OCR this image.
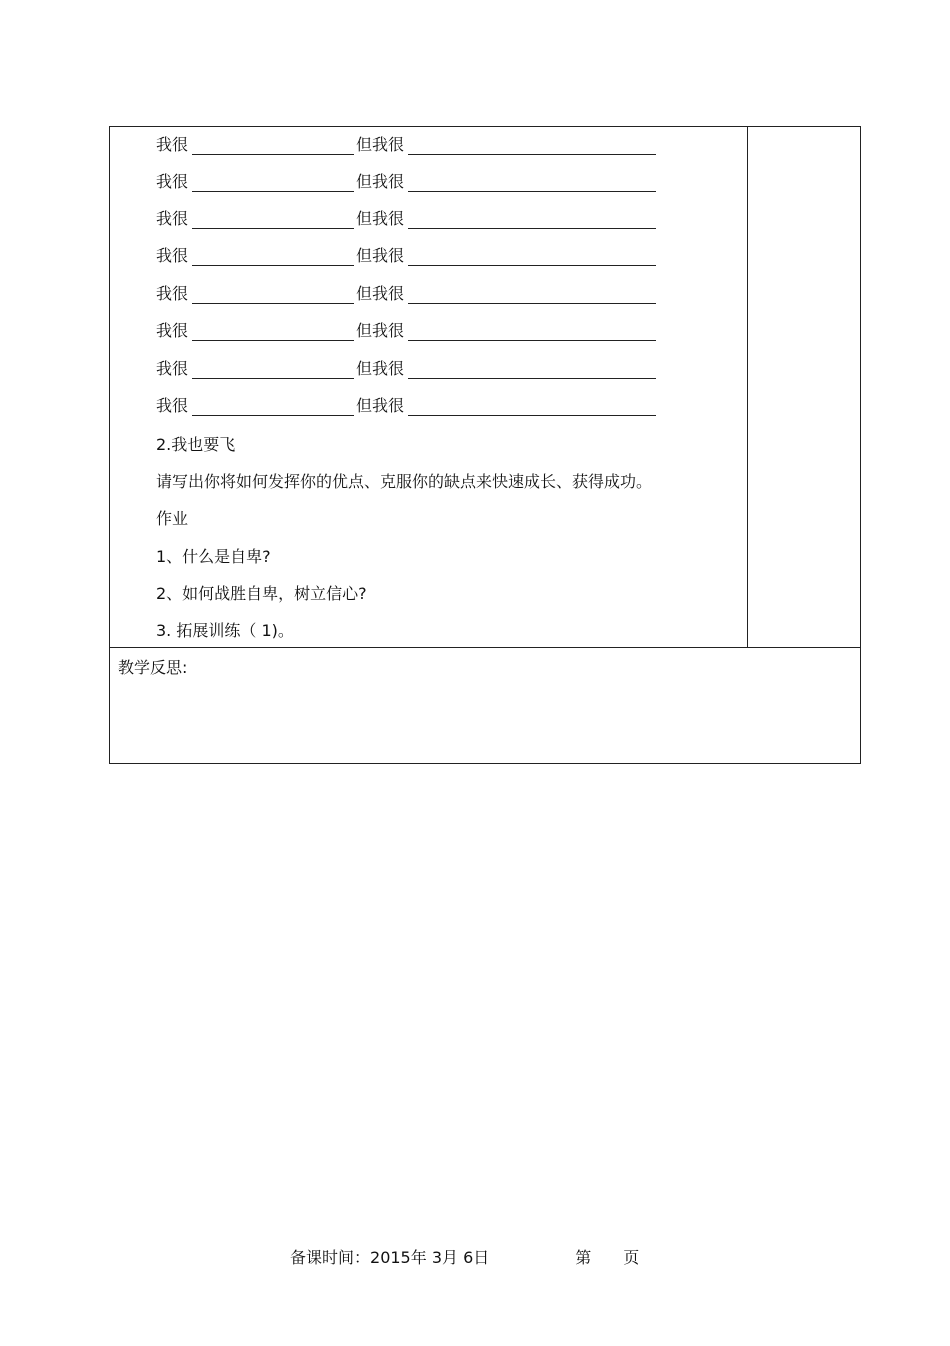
我很	但我很
我很	但我很
我很	但我很
我很	但我很
我很	但我很
我很	但我很
我很	但我很
我很	但我很
2.我也要飞
请写出你将如何发挥你的优点、克服你的缺点来快速成长、获得成功。
作业
1、什么是自卑?
2、如何战胜自卑，树立信心?
3. 拓展训练（ 1)。
教学反思:
备课时间：2015年 3月 6日	第 页
